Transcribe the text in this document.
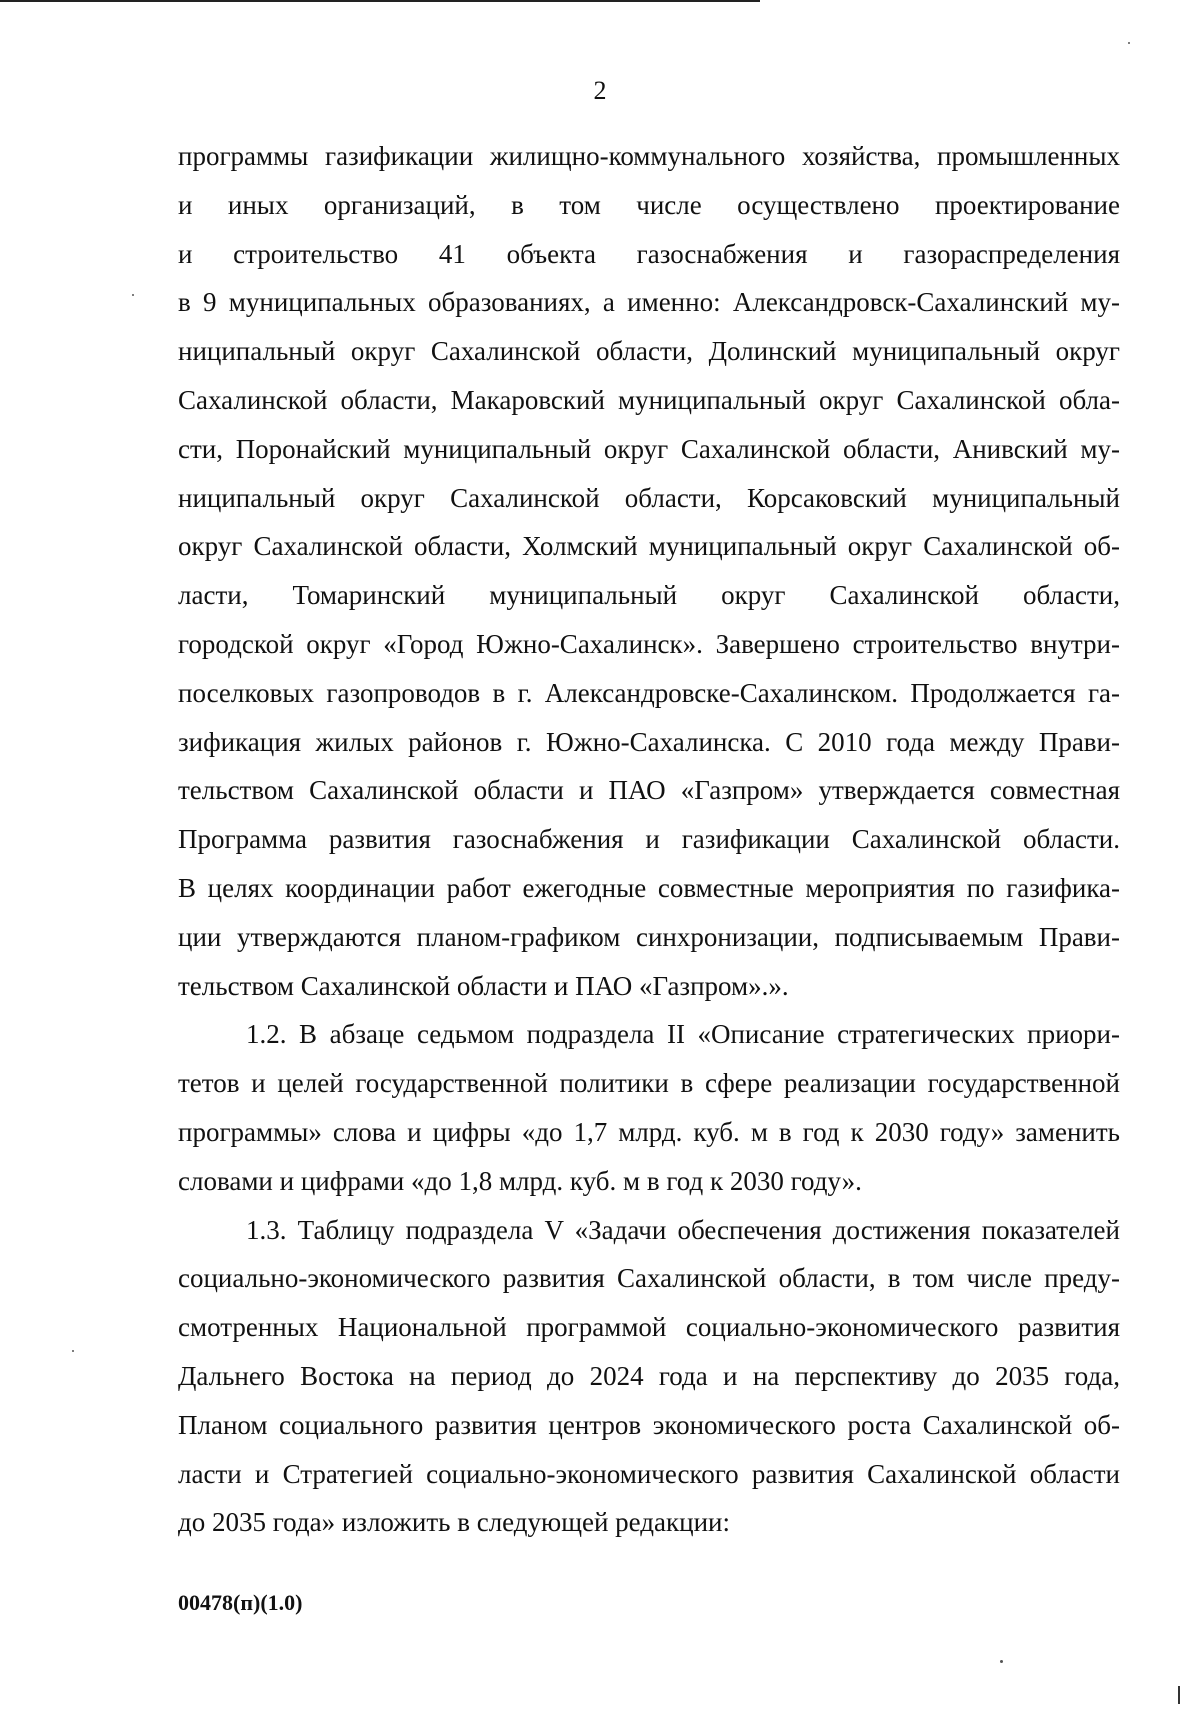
2
программы газификации жилищно-коммунального хозяйства, промышленных
и иных организаций, в том числе осуществлено проектирование
и строительство 41 объекта газоснабжения и газораспределения
в 9 муниципальных образованиях, а именно: Александровск-Сахалинский му-
ниципальный округ Сахалинской области, Долинский муниципальный округ
Сахалинской области, Макаровский муниципальный округ Сахалинской обла-
сти, Поронайский муниципальный округ Сахалинской области, Анивский му-
ниципальный округ Сахалинской области, Корсаковский муниципальный
округ Сахалинской области, Холмский муниципальный округ Сахалинской об-
ласти, Томаринский муниципальный округ Сахалинской области,
городской округ «Город Южно-Сахалинск». Завершено строительство внутри-
поселковых газопроводов в г. Александровске-Сахалинском. Продолжается га-
зификация жилых районов г. Южно-Сахалинска. С 2010 года между Прави-
тельством Сахалинской области и ПАО «Газпром» утверждается совместная
Программа развития газоснабжения и газификации Сахалинской области.
В целях координации работ ежегодные совместные мероприятия по газифика-
ции утверждаются планом-графиком синхронизации, подписываемым Прави-
тельством Сахалинской области и ПАО «Газпром».».
1.2. В абзаце седьмом подраздела II «Описание стратегических приори-
тетов и целей государственной политики в сфере реализации государственной
программы» слова и цифры «до 1,7 млрд. куб. м в год к 2030 году» заменить
словами и цифрами «до 1,8 млрд. куб. м в год к 2030 году».
1.3. Таблицу подраздела V «Задачи обеспечения достижения показателей
социально-экономического развития Сахалинской области, в том числе преду-
смотренных Национальной программой социально-экономического развития
Дальнего Востока на период до 2024 года и на перспективу до 2035 года,
Планом социального развития центров экономического роста Сахалинской об-
ласти и Стратегией социально-экономического развития Сахалинской области
до 2035 года» изложить в следующей редакции:
00478(п)(1.0)
